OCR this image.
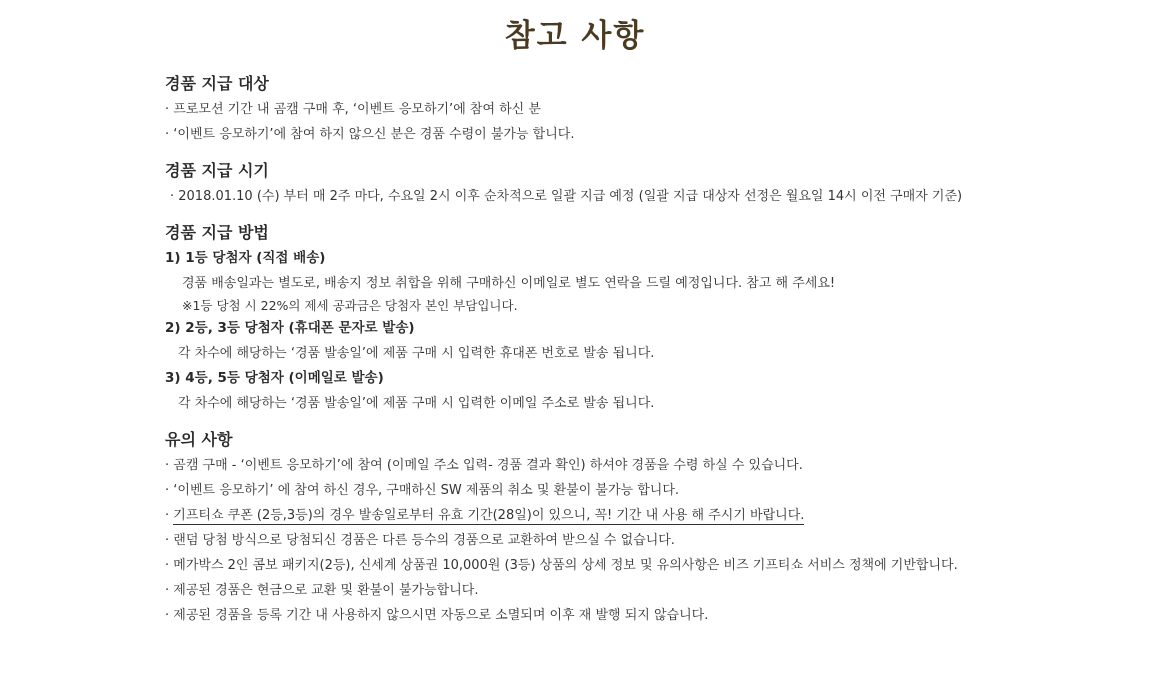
참고 사항
경품 지급 대상
· 프로모션 기간 내 곰캠 구매 후, ‘이벤트 응모하기’에 참여 하신 분
· ‘이벤트 응모하기’에 참여 하지 않으신 분은 경품 수령이 불가능 합니다.
경품 지급 시기
· 2018.01.10 (수) 부터 매 2주 마다, 수요일 2시 이후 순차적으로 일괄 지급 예정 (일괄 지급 대상자 선정은 월요일 14시 이전 구매자 기준)
경품 지급 방법
1) 1등 당첨자 (직접 배송)
경품 배송일과는 별도로, 배송지 정보 취합을 위해 구매하신 이메일로 별도 연락을 드릴 예정입니다. 참고 해 주세요!
※1등 당첨 시 22%의 제세 공과금은 당첨자 본인 부담입니다.
2) 2등, 3등 당첨자 (휴대폰 문자로 발송)
각 차수에 해당하는 ‘경품 발송일’에 제품 구매 시 입력한 휴대폰 번호로 발송 됩니다.
3) 4등, 5등 당첨자 (이메일로 발송)
각 차수에 해당하는 ‘경품 발송일’에 제품 구매 시 입력한 이메일 주소로 발송 됩니다.
유의 사항
· 곰캠 구매 - ‘이벤트 응모하기’에 참여 (이메일 주소 입력- 경품 결과 확인) 하셔야 경품을 수령 하실 수 있습니다.
· ‘이벤트 응모하기’ 에 참여 하신 경우, 구매하신 SW 제품의 취소 및 환불이 불가능 합니다.
· 기프티쇼 쿠폰 (2등,3등)의 경우 발송일로부터 유효 기간(28일)이 있으니, 꼭! 기간 내 사용 해 주시기 바랍니다.
· 랜덤 당첨 방식으로 당첨되신 경품은 다른 등수의 경품으로 교환하여 받으실 수 없습니다.
· 메가박스 2인 콤보 패키지(2등), 신세계 상품권 10,000원 (3등) 상품의 상세 정보 및 유의사항은 비즈 기프티쇼 서비스 정책에 기반합니다.
· 제공된 경품은 현금으로 교환 및 환불이 불가능합니다.
· 제공된 경품을 등록 기간 내 사용하지 않으시면 자동으로 소멸되며 이후 재 발행 되지 않습니다.
